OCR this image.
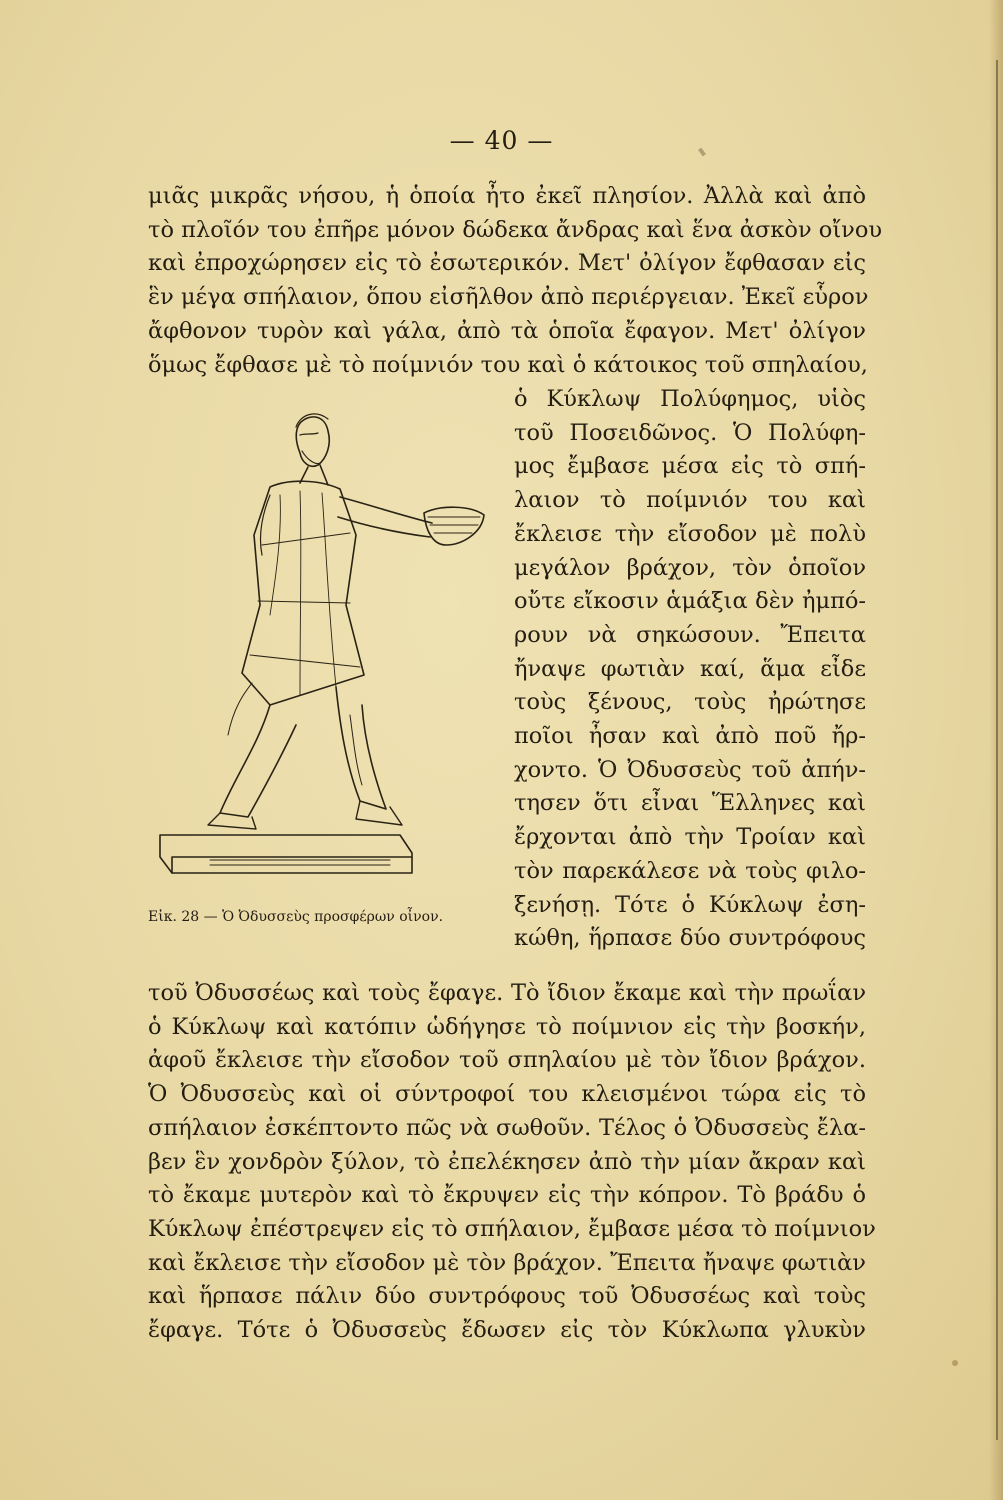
— 40 —
μιᾶς μικρᾶς νήσου, ἡ ὁποία ἦτο ἐκεῖ πλησίον. Ἀλλὰ καὶ ἀπὸ
τὸ πλοῖόν του ἐπῆρε μόνον δώδεκα ἄνδρας καὶ ἕνα ἀσκὸν οἴνου
καὶ ἐπροχώρησεν εἰς τὸ ἐσωτερικόν. Μετ' ὀλίγον ἔφθασαν εἰς
ἓν μέγα σπήλαιον, ὅπου εἰσῆλθον ἀπὸ περιέργειαν. Ἐκεῖ εὗρον
ἄφθονον τυρὸν καὶ γάλα, ἀπὸ τὰ ὁποῖα ἔφαγον. Μετ' ὀλίγον
ὅμως ἔφθασε μὲ τὸ ποίμνιόν του καὶ ὁ κάτοικος τοῦ σπηλαίου,
ὁ Κύκλωψ Πολύφημος, υἱὸς
τοῦ Ποσειδῶνος. Ὁ Πολύφη-
μος ἔμβασε μέσα εἰς τὸ σπή-
λαιον τὸ ποίμνιόν του καὶ
ἔκλεισε τὴν εἴσοδον μὲ πολὺ
μεγάλον βράχον, τὸν ὁποῖον
οὔτε εἴκοσιν ἁμάξια δὲν ἠμπό-
ρουν νὰ σηκώσουν. Ἔπειτα
ἤναψε φωτιὰν καί, ἅμα εἶδε
τοὺς ξένους, τοὺς ἠρώτησε
ποῖοι ἦσαν καὶ ἀπὸ ποῦ ἤρ-
χοντο. Ὁ Ὀδυσσεὺς τοῦ ἀπήν-
τησεν ὅτι εἶναι Ἕλληνες καὶ
ἔρχονται ἀπὸ τὴν Τροίαν καὶ
τὸν παρεκάλεσε νὰ τοὺς φιλο-
ξενήσῃ. Τότε ὁ Κύκλωψ ἐση-
κώθη, ἥρπασε δύο συντρόφους
Εἰκ. 28 — Ὁ Ὀδυσσεὺς προσφέρων οἶνον.
τοῦ Ὀδυσσέως καὶ τοὺς ἔφαγε. Τὸ ἴδιον ἔκαμε καὶ τὴν πρωΐαν
ὁ Κύκλωψ καὶ κατόπιν ὡδήγησε τὸ ποίμνιον εἰς τὴν βοσκήν,
ἀφοῦ ἔκλεισε τὴν εἴσοδον τοῦ σπηλαίου μὲ τὸν ἴδιον βράχον.
Ὁ Ὀδυσσεὺς καὶ οἱ σύντροφοί του κλεισμένοι τώρα εἰς τὸ
σπήλαιον ἐσκέπτοντο πῶς νὰ σωθοῦν. Τέλος ὁ Ὀδυσσεὺς ἔλα-
βεν ἓν χονδρὸν ξύλον, τὸ ἐπελέκησεν ἀπὸ τὴν μίαν ἄκραν καὶ
τὸ ἔκαμε μυτερὸν καὶ τὸ ἔκρυψεν εἰς τὴν κόπρον. Τὸ βράδυ ὁ
Κύκλωψ ἐπέστρεψεν εἰς τὸ σπήλαιον, ἔμβασε μέσα τὸ ποίμνιον
καὶ ἔκλεισε τὴν εἴσοδον μὲ τὸν βράχον. Ἔπειτα ἤναψε φωτιὰν
καὶ ἥρπασε πάλιν δύο συντρόφους τοῦ Ὀδυσσέως καὶ τοὺς
ἔφαγε. Τότε ὁ Ὀδυσσεὺς ἔδωσεν εἰς τὸν Κύκλωπα γλυκὺν
